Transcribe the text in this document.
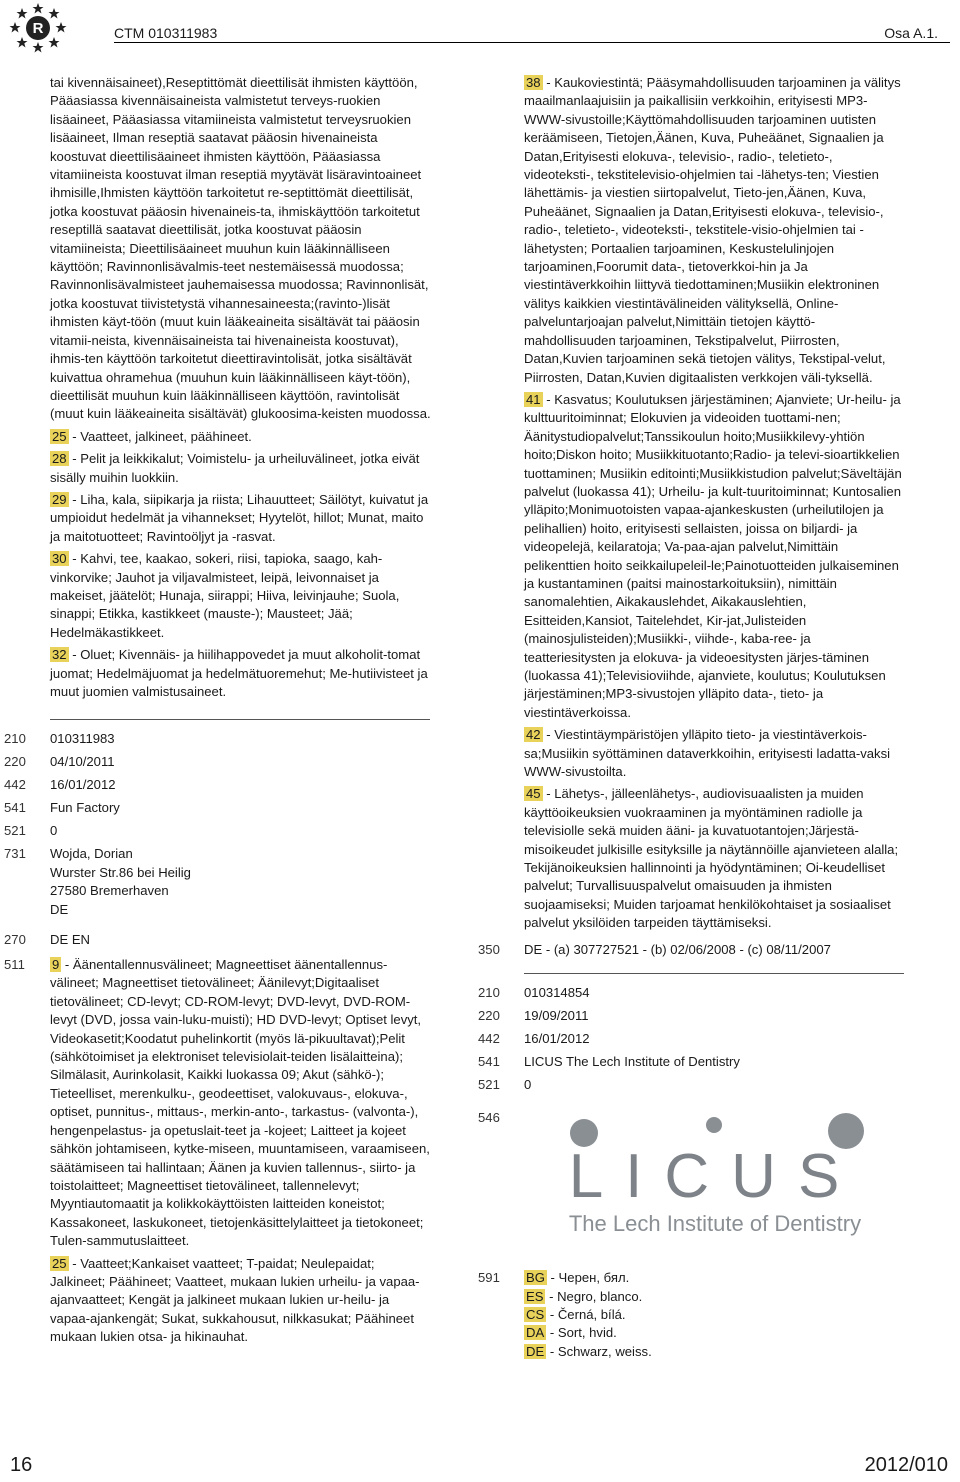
R	CTM 010311983	Osa A.1.

tai kivennäisaineet),Reseptittömät dieettilisät ihmisten käyttöön, Pääasiassa kivennäisaineista valmistetut terveys-ruokien lisäaineet, Pääasiassa vitamiineista valmistetut terveysruokien lisäaineet, Ilman reseptiä saatavat pääosin hivenaineista koostuvat dieettilisäaineet ihmisten käyttöön, Pääasiassa vitamiineista koostuvat ilman reseptiä myytävät lisäravintoaineet ihmisille,Ihmisten käyttöön tarkoitetut re-septittömät dieettilisät, jotka koostuvat pääosin hivenaineis-ta, ihmiskäyttöön tarkoitetut reseptillä saatavat dieettilisät, jotka koostuvat pääosin vitamiineista; Dieettilisäaineet muuhun kuin lääkinnälliseen käyttöön; Ravinnonlisävalmis-teet nestemäisessä muodossa; Ravinnonlisävalmisteet jauhemaisessa muodossa; Ravinnonlisät, jotka koostuvat tiivistetystä vihannesaineesta;(ravinto-)lisät ihmisten käyt-töön (muut kuin lääkeaineita sisältävät tai pääosin vitamii-neista, kivennäisaineista tai hivenaineista koostuvat), ihmis-ten käyttöön tarkoitetut dieettiravintolisät, jotka sisältävät kuivattua ohramehua (muuhun kuin lääkinnälliseen käyt-töön), dieettilisät muuhun kuin lääkinnälliseen käyttöön, ravintolisät (muut kuin lääkeaineita sisältävät) glukoosima-keisten muodossa.

25 - Vaatteet, jalkineet, päähineet.

28 - Pelit ja leikkikalut; Voimistelu- ja urheiluvälineet, jotka eivät sisälly muihin luokkiin.

29 - Liha, kala, siipikarja ja riista; Lihauutteet; Säilötyt, kuivatut ja umpioidut hedelmät ja vihannekset; Hyytelöt, hillot; Munat, maito ja maitotuotteet; Ravintoöljyt ja -rasvat.

30 - Kahvi, tee, kaakao, sokeri, riisi, tapioka, saago, kah-vinkorvike; Jauhot ja viljavalmisteet, leipä, leivonnaiset ja makeiset, jäätelöt; Hunaja, siirappi; Hiiva, leivinjauhe; Suola, sinappi; Etikka, kastikkeet (mauste-); Mausteet; Jää; Hedelmäkastikkeet.

32 - Oluet; Kivennäis- ja hiilihappovedet ja muut alkoholit-tomat juomat; Hedelmäjuomat ja hedelmätuoremehut; Me-hutiivisteet ja muut juomien valmistusaineet.

210 010311983
220 04/10/2011
442 16/01/2012
541 Fun Factory
521 0
731 Wojda, Dorian

Wurster Str.86 bei Heilig

27580 Bremerhaven

DE

270 DE EN
511 9 - Äänentallennusvälineet; Magneettiset äänentallennus-välineet; Magneettiset tietovälineet; Äänilevyt;Digitaaliset tietovälineet; CD-levyt; CD-ROM-levyt; DVD-levyt, DVD-ROM-levyt (DVD, jossa vain-luku-muisti); HD DVD-levyt; Optiset levyt, Videokasetit;Koodatut puhelinkortit (myös lä-pikuultavat);Pelit (sähkötoimiset ja elektroniset televisiolait-teiden lisälaitteina); Silmälasit, Aurinkolasit, Kaikki luokassa 09; Akut (sähkö-); Tieteelliset, merenkulku-, geodeettiset, valokuvaus-, elokuva-, optiset, punnitus-, mittaus-, merkin-anto-, tarkastus- (valvonta-), hengenpelastus- ja opetuslait-teet ja -kojeet; Laitteet ja kojeet sähkön johtamiseen, kytke-miseen, muuntamiseen, varaamiseen, säätämiseen tai hallintaan; Äänen ja kuvien tallennus-, siirto- ja toistolaitteet; Magneettiset tietovälineet, tallennelevyt; Myyntiautomaatit ja kolikkokäyttöisten laitteiden koneistot; Kassakoneet, laskukoneet, tietojenkäsittelylaitteet ja tietokoneet; Tulen-sammutuslaitteet.

25 - Vaatteet;Kankaiset vaatteet; T-paidat; Neulepaidat; Jalkineet; Päähineet; Vaatteet, mukaan lukien urheilu- ja vapaa-ajanvaatteet; Kengät ja jalkineet mukaan lukien ur-heilu- ja vapaa-ajankengät; Sukat, sukkahousut, nilkkasukat; Päähineet mukaan lukien otsa- ja hikinauhat.

38 - Kaukoviestintä; Pääsymahdollisuuden tarjoaminen ja välitys maailmanlaajuisiin ja paikallisiin verkkoihin, erityisesti MP3-WWW-sivustoille;Käyttömahdollisuuden tarjoaminen uutisten keräämiseen, Tietojen,Äänen, Kuva, Puheäänet, Signaalien ja Datan,Erityisesti elokuva-, televisio-, radio-, teletieto-, videoteksti-, tekstitelevisio-ohjelmien tai -lähetys-ten; Viestien lähettämis- ja viestien siirtopalvelut, Tieto-jen,Äänen, Kuva, Puheäänet, Signaalien ja Datan,Erityisesti elokuva-, televisio-, radio-, teletieto-, videoteksti-, tekstitele-visio-ohjelmien tai -lähetysten; Portaalien tarjoaminen, Keskustelulinjojen tarjoaminen,Foorumit data-, tietoverkkoi-hin ja Ja viestintäverkkoihin liittyvä tiedottaminen;Musiikin elektroninen välitys kaikkien viestintävälineiden välityksellä, Online-palveluntarjoajan palvelut,Nimittäin tietojen käyttö-mahdollisuuden tarjoaminen, Tekstipalvelut, Piirrosten, Datan,Kuvien tarjoaminen sekä tietojen välitys, Tekstipal-velut, Piirrosten, Datan,Kuvien digitaalisten verkkojen väli-tyksellä.

41 - Kasvatus; Koulutuksen järjestäminen; Ajanviete; Ur-heilu- ja kulttuuritoiminnat; Elokuvien ja videoiden tuottami-nen; Äänitystudiopalvelut;Tanssikoulun hoito;Musiikkilevy-yhtiön hoito;Diskon hoito; Musiikkituotanto;Radio- ja televi-sioartikkelien tuottaminen; Musiikin editointi;Musiikkistudion palvelut;Säveltäjän palvelut (luokassa 41); Urheilu- ja kult-tuuritoiminnat; Kuntosalien ylläpito;Monimuotoisten vapaa-ajankeskusten (urheilutilojen ja pelihallien) hoito, erityisesti sellaisten, joissa on biljardi- ja videopelejä, keilaratoja; Va-paa-ajan palvelut,Nimittäin pelikenttien hoito seikkailupeleil-le;Painotuotteiden julkaiseminen ja kustantaminen (paitsi mainostarkoituksiin), nimittäin sanomalehtien, Aikakauslehdet, Aikakauslehtien, Esitteiden,Kansiot, Taitelehdet, Kir-jat,Julisteiden (mainosjulisteiden);Musiikki-, viihde-, kaba-ree- ja teatteriesitysten ja elokuva- ja videoesitysten järjes-täminen (luokassa 41);Televisioviihde, ajanviete, koulutus; Koulutuksen järjestäminen;MP3-sivustojen ylläpito data-, tieto- ja viestintäverkoissa.

42 - Viestintäympäristöjen ylläpito tieto- ja viestintäverkois-sa;Musiikin syöttäminen dataverkkoihin, erityisesti ladatta-vaksi WWW-sivustoilta.

45 - Lähetys-, jälleenlähetys-, audiovisuaalisten ja muiden käyttöoikeuksien vuokraaminen ja myöntäminen radiolle ja televisiolle sekä muiden ääni- ja kuvatuotantojen;Järjestä-misoikeudet julkisille esityksille ja näytännöille ajanvieteen alalla; Tekijänoikeuksien hallinnointi ja hyödyntäminen; Oi-keudelliset palvelut; Turvallisuuspalvelut omaisuuden ja ihmisten suojaamiseksi; Muiden tarjoamat henkilökohtaiset ja sosiaaliset palvelut yksilöiden tarpeiden täyttämiseksi.

350 DE - (a) 307727521 - (b) 02/06/2008 - (c) 08/11/2007

210 010314854
220 19/09/2011
442 16/01/2012
541 LICUS The Lech Institute of Dentistry
521 0
546
LICUS
The Lech Institute of Dentistry
591 BG - Черен, бял.

ES - Negro, blanco.

CS - Černá, bílá.

DA - Sort, hvid.

DE - Schwarz, weiss.

16	2012/010
